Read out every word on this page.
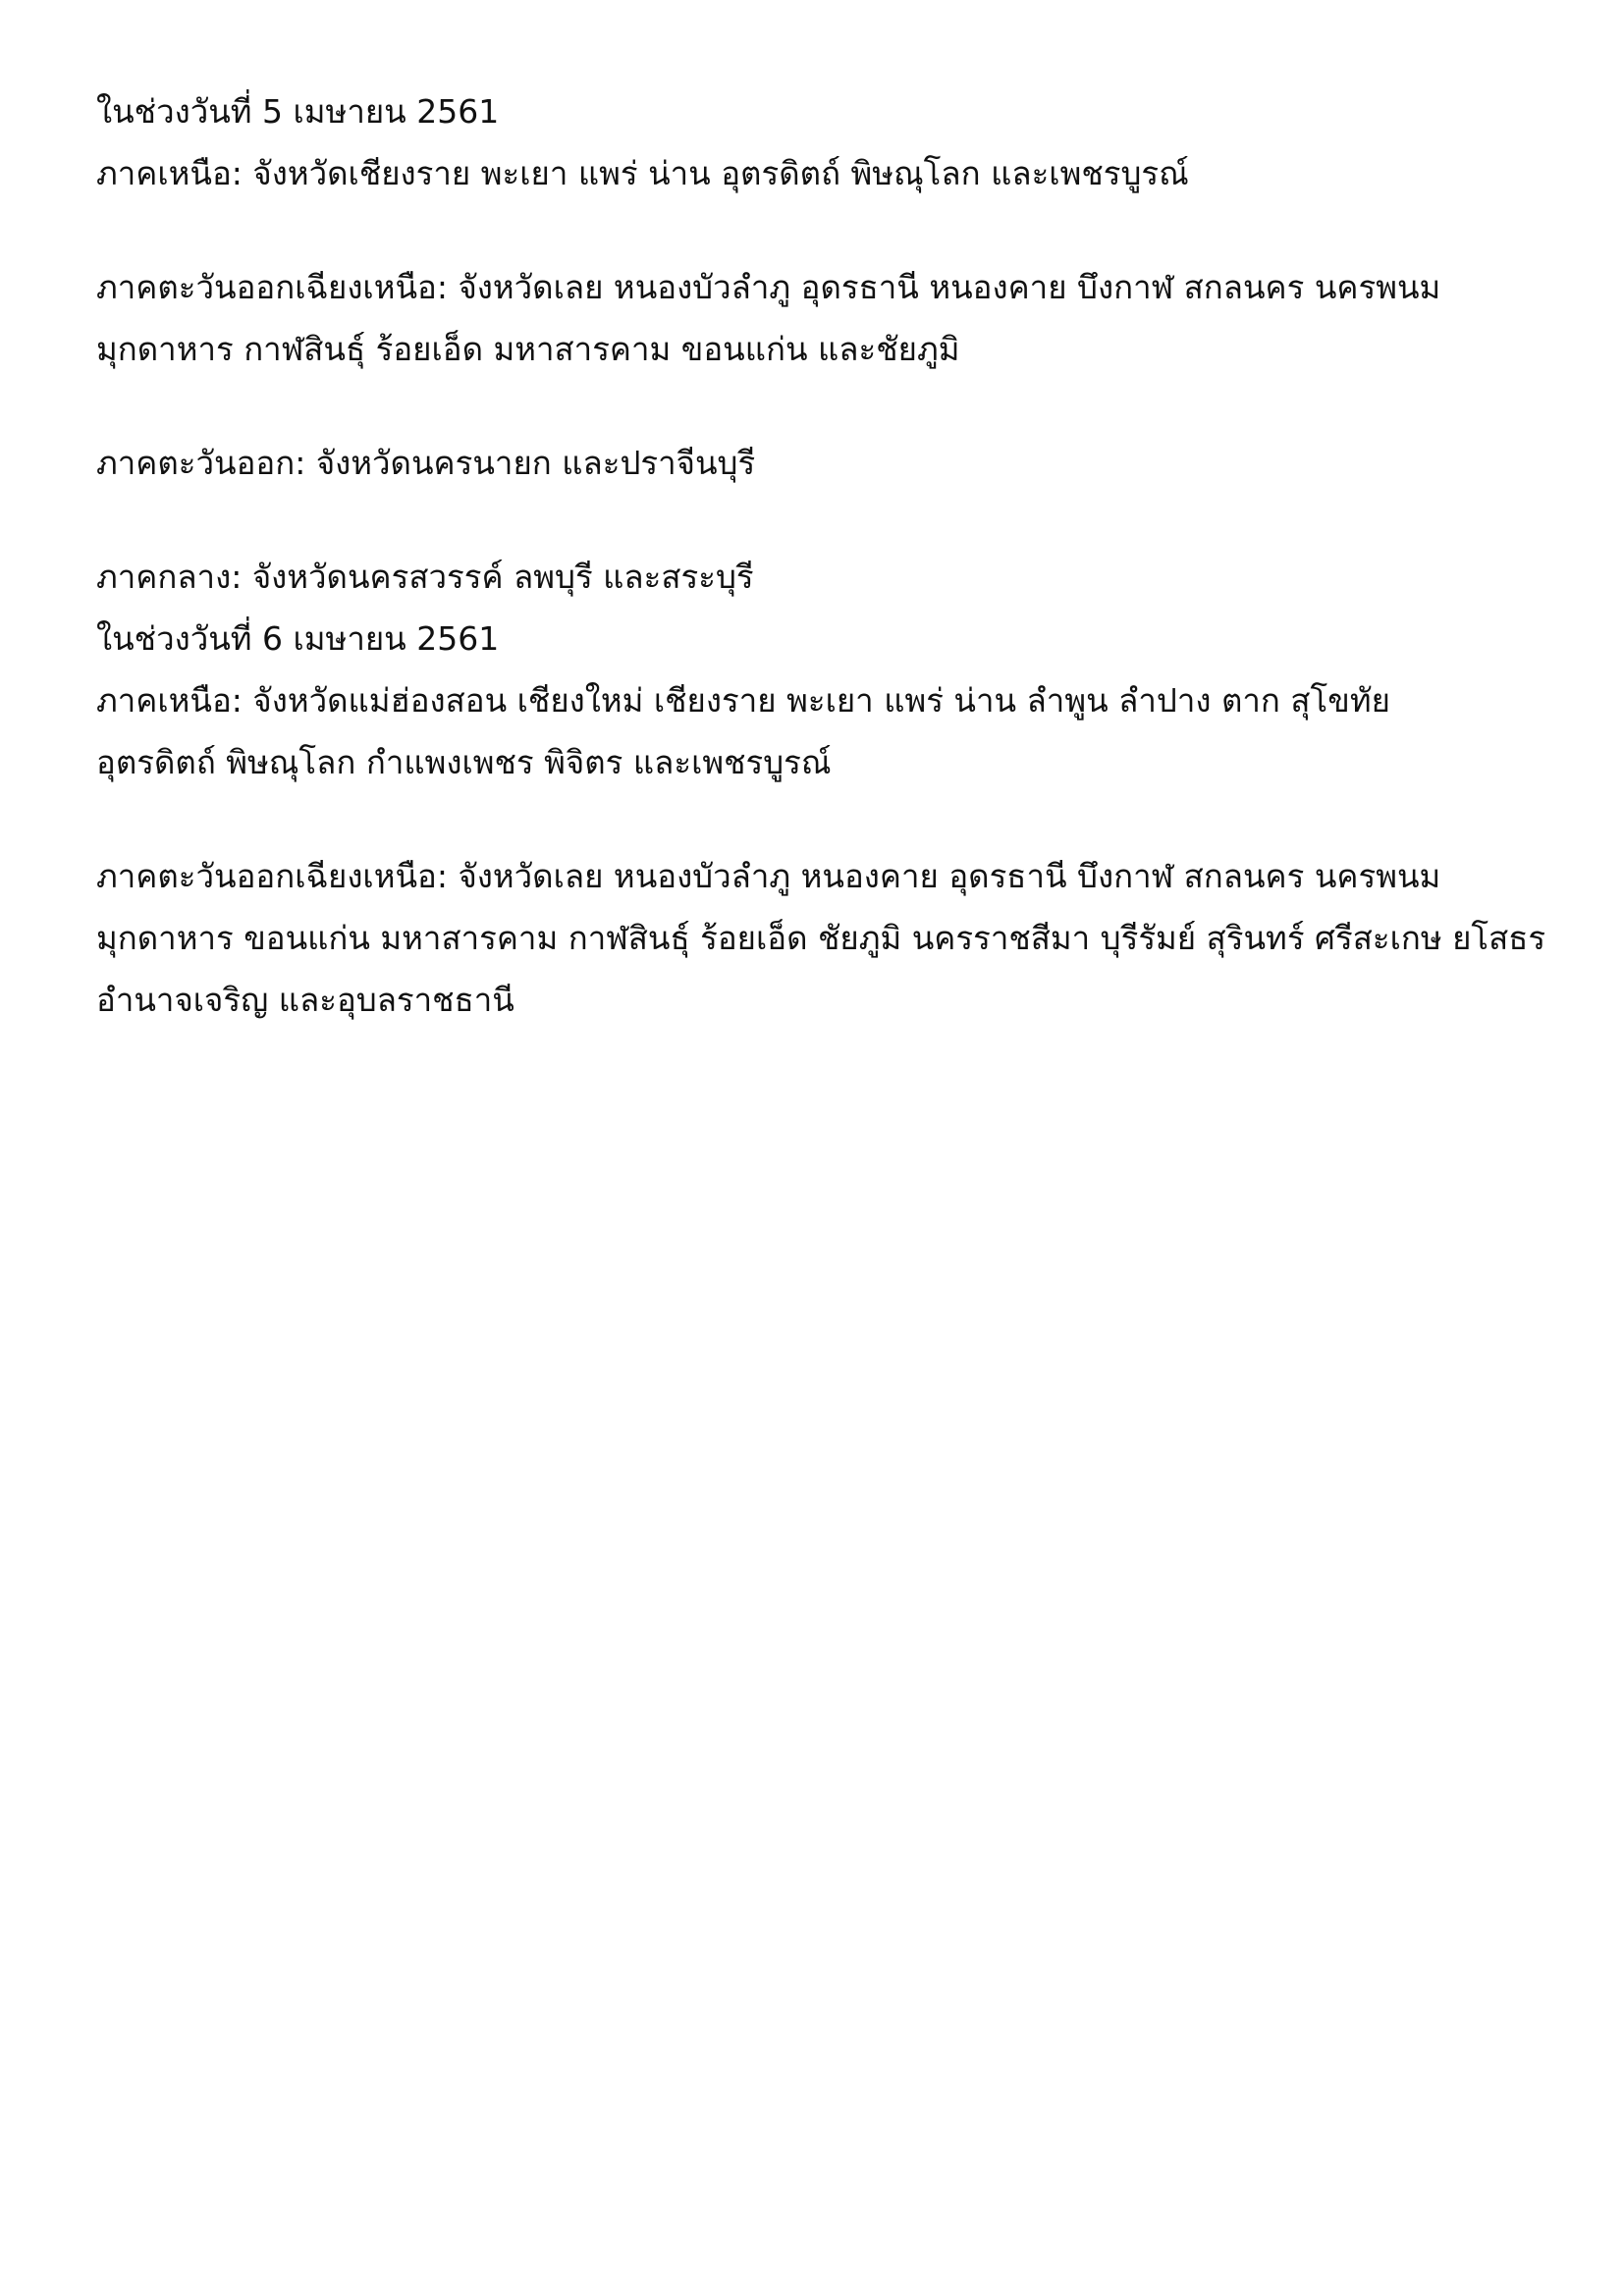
ในช่วงวันที่ 5 เมษายน 2561

ภาคเหนือ: จังหวัดเชียงราย พะเยา แพร่ น่าน อุตรดิตถ์ พิษณุโลก และเพชรบูรณ์
ภาคตะวันออกเฉียงเหนือ: จังหวัดเลย หนองบัวลำภู อุดรธานี หนองคาย บึงกาฬ สกลนคร นครพนม
มุกดาหาร กาฬสินธุ์ ร้อยเอ็ด มหาสารคาม ขอนแก่น และชัยภูมิ
ภาคตะวันออก: จังหวัดนครนายก และปราจีนบุรี
ภาคกลาง: จังหวัดนครสวรรค์ ลพบุรี และสระบุรี

ในช่วงวันที่ 6 เมษายน 2561

ภาคเหนือ: จังหวัดแม่ฮ่องสอน เชียงใหม่ เชียงราย พะเยา แพร่ น่าน ลำพูน ลำปาง ตาก สุโขทัย
อุตรดิตถ์ พิษณุโลก กำแพงเพชร พิจิตร และเพชรบูรณ์
ภาคตะวันออกเฉียงเหนือ: จังหวัดเลย หนองบัวลำภู หนองคาย อุดรธานี บึงกาฬ สกลนคร นครพนม
มุกดาหาร ขอนแก่น มหาสารคาม กาฬสินธุ์ ร้อยเอ็ด ชัยภูมิ นครราชสีมา บุรีรัมย์ สุรินทร์ ศรีสะเกษ ยโสธร
อำนาจเจริญ และอุบลราชธานี
